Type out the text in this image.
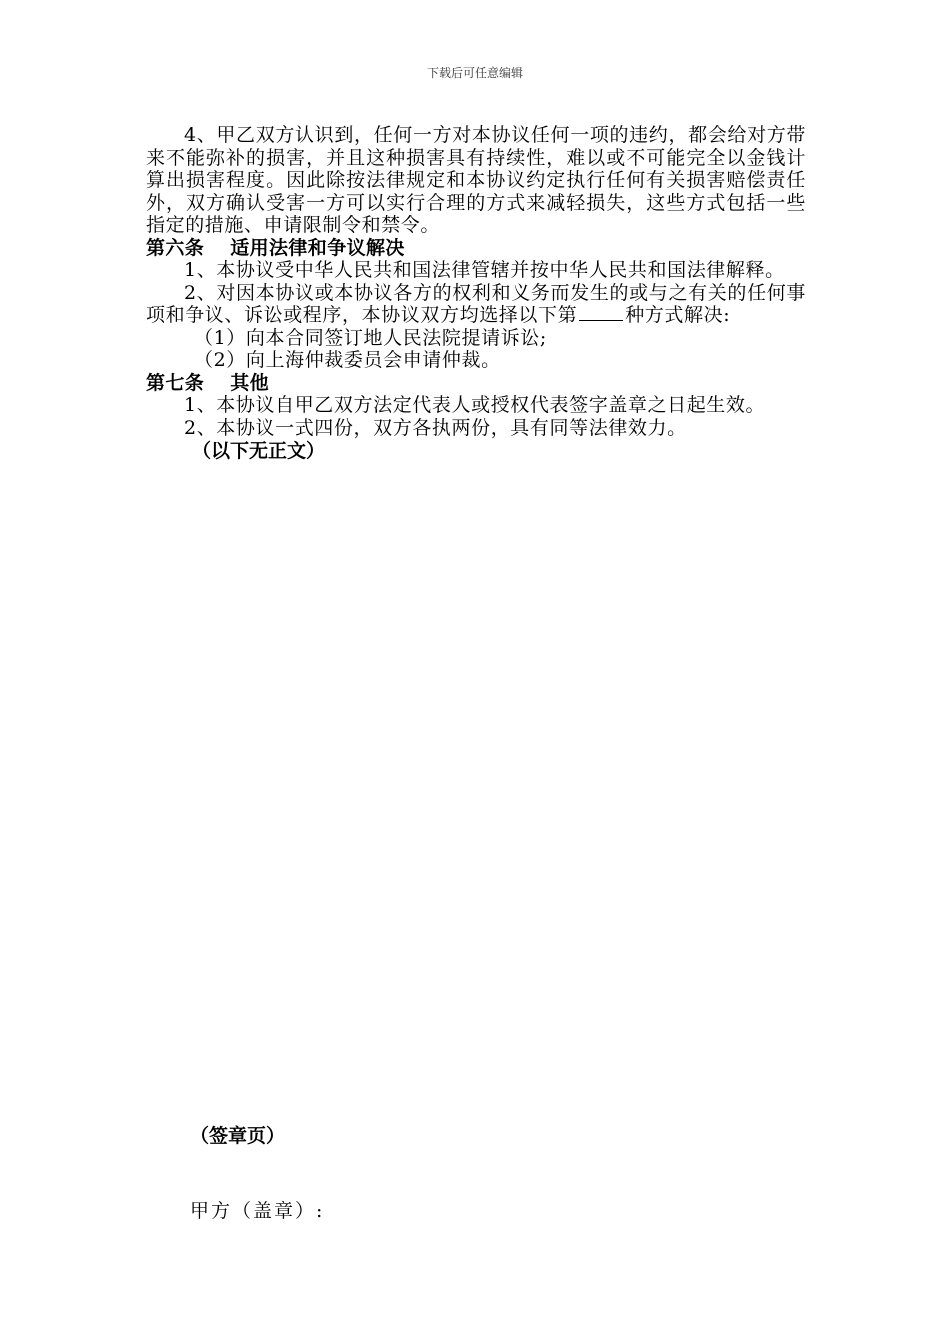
下载后可任意编辑

4、甲乙双方认识到，任何一方对本协议任何一项的违约，都会给对方带来不能弥补的损害，并且这种损害具有持续性，难以或不可能完全以金钱计算出损害程度。因此除按法律规定和本协议约定执行任何有关损害赔偿责任外，双方确认受害一方可以实行合理的方式来减轻损失，这些方式包括一些指定的措施、申请限制令和禁令。

第六条 适用法律和争议解决

1、本协议受中华人民共和国法律管辖并按中华人民共和国法律解释。

2、对因本协议或本协议各方的权利和义务而发生的或与之有关的任何事项和争议、诉讼或程序，本协议双方均选择以下第	种方式解决:

（1）向本合同签订地人民法院提请诉讼;

（2）向上海仲裁委员会申请仲裁。

第七条 其他

1、本协议自甲乙双方法定代表人或授权代表签字盖章之日起生效。

2、本协议一式四份，双方各执两份，具有同等法律效力。

（以下无正文）

（签章页）
甲方（盖章）:
